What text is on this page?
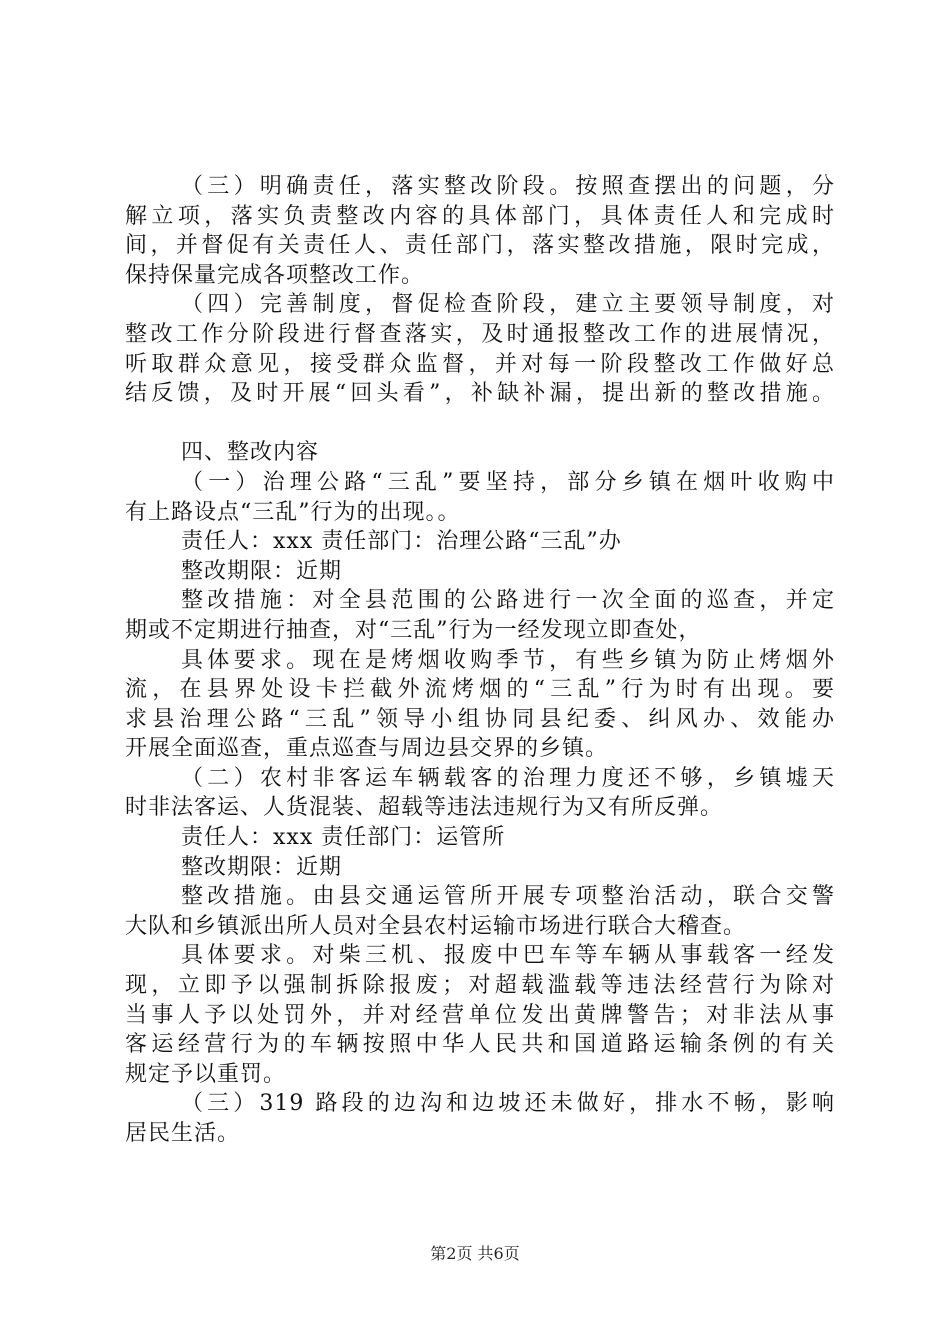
（三）明确责任，落实整改阶段。按照查摆出的问题，分
解立项，落实负责整改内容的具体部门，具体责任人和完成时
间，并督促有关责任人、责任部门，落实整改措施，限时完成，
保持保量完成各项整改工作。
（四）完善制度，督促检查阶段，建立主要领导制度，对
整改工作分阶段进行督查落实，及时通报整改工作的进展情况，
听取群众意见，接受群众监督，并对每一阶段整改工作做好总
结反馈，及时开展“回头看”，补缺补漏，提出新的整改措施。
四、整改内容
（一）治理公路“三乱”要坚持，部分乡镇在烟叶收购中
有上路设点“三乱”行为的出现。。
责任人：xxx 责任部门：治理公路“三乱”办
整改期限：近期
整改措施：对全县范围的公路进行一次全面的巡查，并定
期或不定期进行抽查，对“三乱”行为一经发现立即查处，
具体要求。现在是烤烟收购季节，有些乡镇为防止烤烟外
流，在县界处设卡拦截外流烤烟的“三乱”行为时有出现。要
求县治理公路“三乱”领导小组协同县纪委、纠风办、效能办
开展全面巡查，重点巡查与周边县交界的乡镇。
（二）农村非客运车辆载客的治理力度还不够，乡镇墟天
时非法客运、人货混装、超载等违法违规行为又有所反弹。
责任人：xxx 责任部门：运管所
整改期限：近期
整改措施。由县交通运管所开展专项整治活动，联合交警
大队和乡镇派出所人员对全县农村运输市场进行联合大稽查。
具体要求。对柴三机、报废中巴车等车辆从事载客一经发
现，立即予以强制拆除报废；对超载滥载等违法经营行为除对
当事人予以处罚外，并对经营单位发出黄牌警告；对非法从事
客运经营行为的车辆按照中华人民共和国道路运输条例的有关
规定予以重罚。
（三）319 路段的边沟和边坡还未做好，排水不畅，影响
居民生活。
第2页 共6页
